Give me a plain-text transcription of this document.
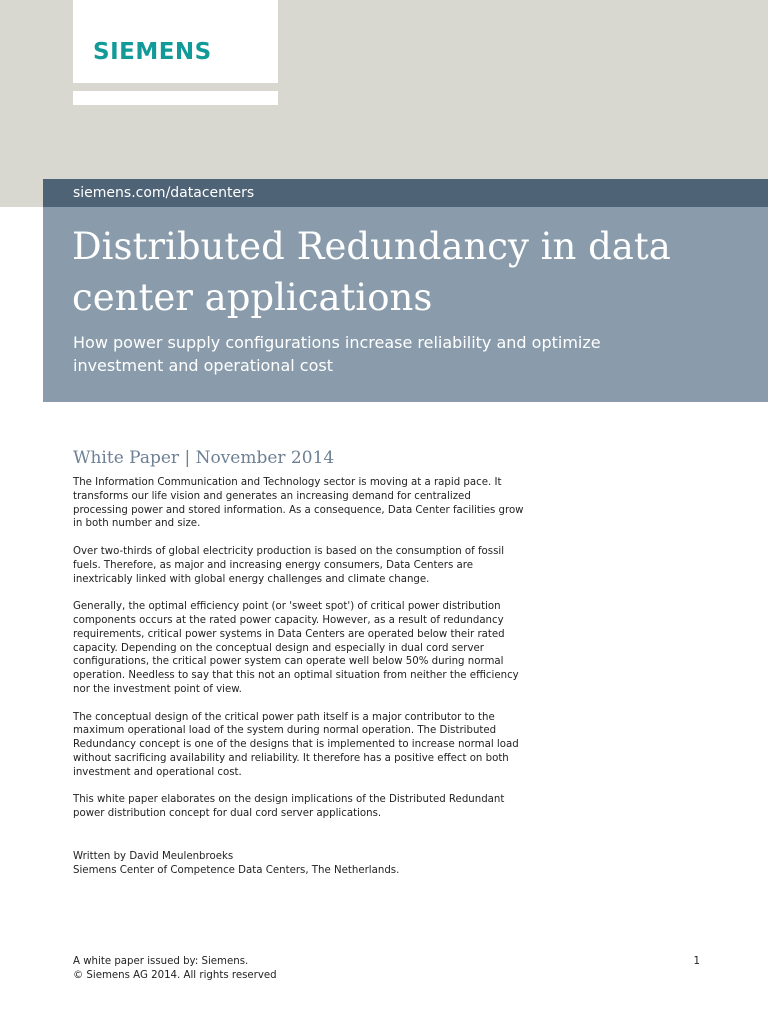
SIEMENS
siemens.com/datacenters
Distributed Redundancy in data center applications

How power supply configurations increase reliability and optimize investment and operational cost

White Paper | November 2014

The Information Communication and Technology sector is moving at a rapid pace. It transforms our life vision and generates an increasing demand for centralized processing power and stored information. As a consequence, Data Center facilities grow in both number and size.

Over two-thirds of global electricity production is based on the consumption of fossil fuels. Therefore, as major and increasing energy consumers, Data Centers are inextricably linked with global energy challenges and climate change.

Generally, the optimal efficiency point (or 'sweet spot') of critical power distribution components occurs at the rated power capacity. However, as a result of redundancy requirements, critical power systems in Data Centers are operated below their rated capacity. Depending on the conceptual design and especially in dual cord server configurations, the critical power system can operate well below 50% during normal operation. Needless to say that this not an optimal situation from neither the efficiency nor the investment point of view.

The conceptual design of the critical power path itself is a major contributor to the maximum operational load of the system during normal operation. The Distributed Redundancy concept is one of the designs that is implemented to increase normal load without sacrificing availability and reliability. It therefore has a positive effect on both investment and operational cost.

This white paper elaborates on the design implications of the Distributed Redundant power distribution concept for dual cord server applications.

Written by David Meulenbroeks
Siemens Center of Competence Data Centers, The Netherlands.
A white paper issued by: Siemens.
© Siemens AG 2014. All rights reserved
1
